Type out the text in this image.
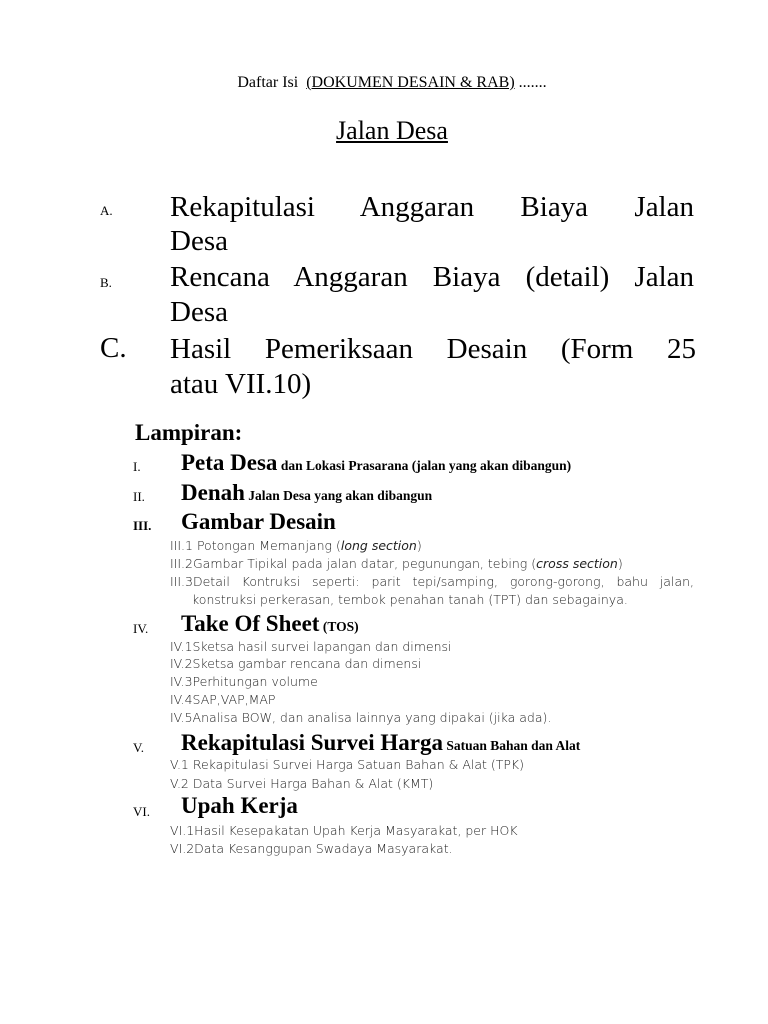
Daftar Isi (DOKUMEN DESAIN & RAB) .......
Jalan Desa
A. Rekapitulasi Anggaran Biaya Jalan
Desa
B. Rencana Anggaran Biaya (detail) Jalan
Desa
C. Hasil Pemeriksaan Desain (Form 25
atau VII.10)
Lampiran:
I. Peta Desa dan Lokasi Prasarana (jalan yang akan dibangun)
II. Denah Jalan Desa yang akan dibangun
III. Gambar Desain
III.1 Potongan Memanjang (long section)
III.2Gambar Tipikal pada jalan datar, pegunungan, tebing (cross section)
III.3Detail Kontruksi seperti: parit tepi/samping, gorong-gorong, bahu jalan,
konstruksi perkerasan, tembok penahan tanah (TPT) dan sebagainya.
IV. Take Of Sheet (TOS)
IV.1Sketsa hasil survei lapangan dan dimensi
IV.2Sketsa gambar rencana dan dimensi
IV.3Perhitungan volume
IV.4SAP,VAP,MAP
IV.5Analisa BOW, dan analisa lainnya yang dipakai (jika ada).
V. Rekapitulasi Survei Harga Satuan Bahan dan Alat
V.1 Rekapitulasi Survei Harga Satuan Bahan & Alat (TPK)
V.2 Data Survei Harga Bahan & Alat (KMT)
VI. Upah Kerja
VI.1Hasil Kesepakatan Upah Kerja Masyarakat, per HOK
VI.2Data Kesanggupan Swadaya Masyarakat.
